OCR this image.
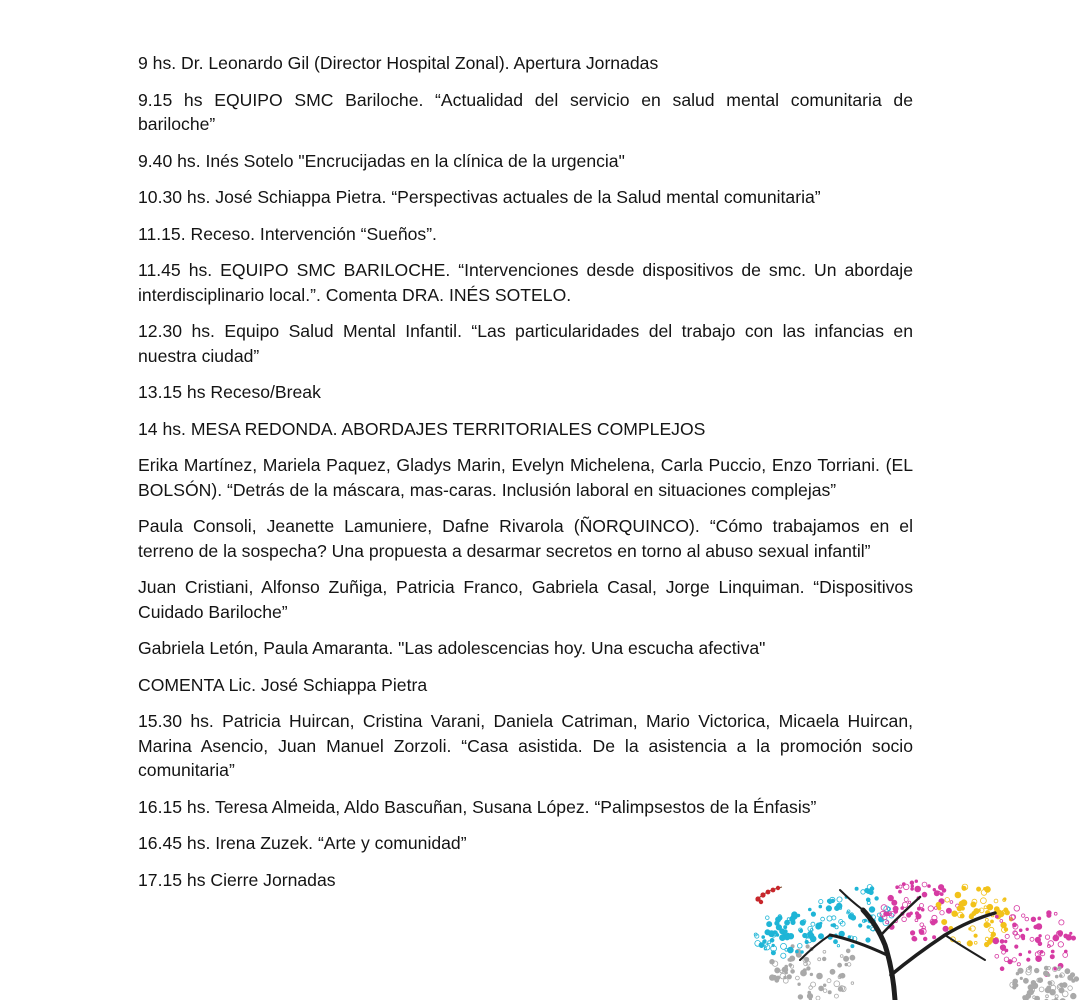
9 hs. Dr. Leonardo Gil (Director Hospital Zonal). Apertura Jornadas

9.15 hs EQUIPO SMC Bariloche. “Actualidad del servicio en salud mental comunitaria de bariloche”

9.40 hs. Inés Sotelo "Encrucijadas en la clínica de la urgencia"

10.30 hs. José Schiappa Pietra. “Perspectivas actuales de la Salud mental comunitaria”

11.15. Receso. Intervención “Sueños”.

11.45 hs. EQUIPO SMC BARILOCHE. “Intervenciones desde dispositivos de smc. Un abordaje interdisciplinario local.”. Comenta DRA. INÉS SOTELO.

12.30 hs. Equipo Salud Mental Infantil. “Las particularidades del trabajo con las infancias en nuestra ciudad”

13.15 hs Receso/Break

14 hs. MESA REDONDA. ABORDAJES TERRITORIALES COMPLEJOS

Erika Martínez, Mariela Paquez, Gladys Marin, Evelyn Michelena, Carla Puccio, Enzo Torriani. (EL BOLSÓN). “Detrás de la máscara, mas-caras. Inclusión laboral en situaciones complejas”

Paula Consoli, Jeanette Lamuniere, Dafne Rivarola (ÑORQUINCO). “Cómo trabajamos en el terreno de la sospecha? Una propuesta a desarmar secretos en torno al abuso sexual infantil”

Juan Cristiani, Alfonso Zuñiga, Patricia Franco, Gabriela Casal, Jorge Linquiman. “Dispositivos Cuidado Bariloche”

Gabriela Letón, Paula Amaranta. "Las adolescencias hoy. Una escucha afectiva"

COMENTA Lic. José Schiappa Pietra

15.30 hs. Patricia Huircan, Cristina Varani, Daniela Catriman, Mario Victorica, Micaela Huircan, Marina Asencio, Juan Manuel Zorzoli. “Casa asistida. De la asistencia a la promoción socio comunitaria”

16.15 hs. Teresa Almeida, Aldo Bascuñan, Susana López. “Palimpsestos de la Énfasis”

16.45 hs. Irena Zuzek. “Arte y comunidad”

17.15 hs Cierre Jornadas
